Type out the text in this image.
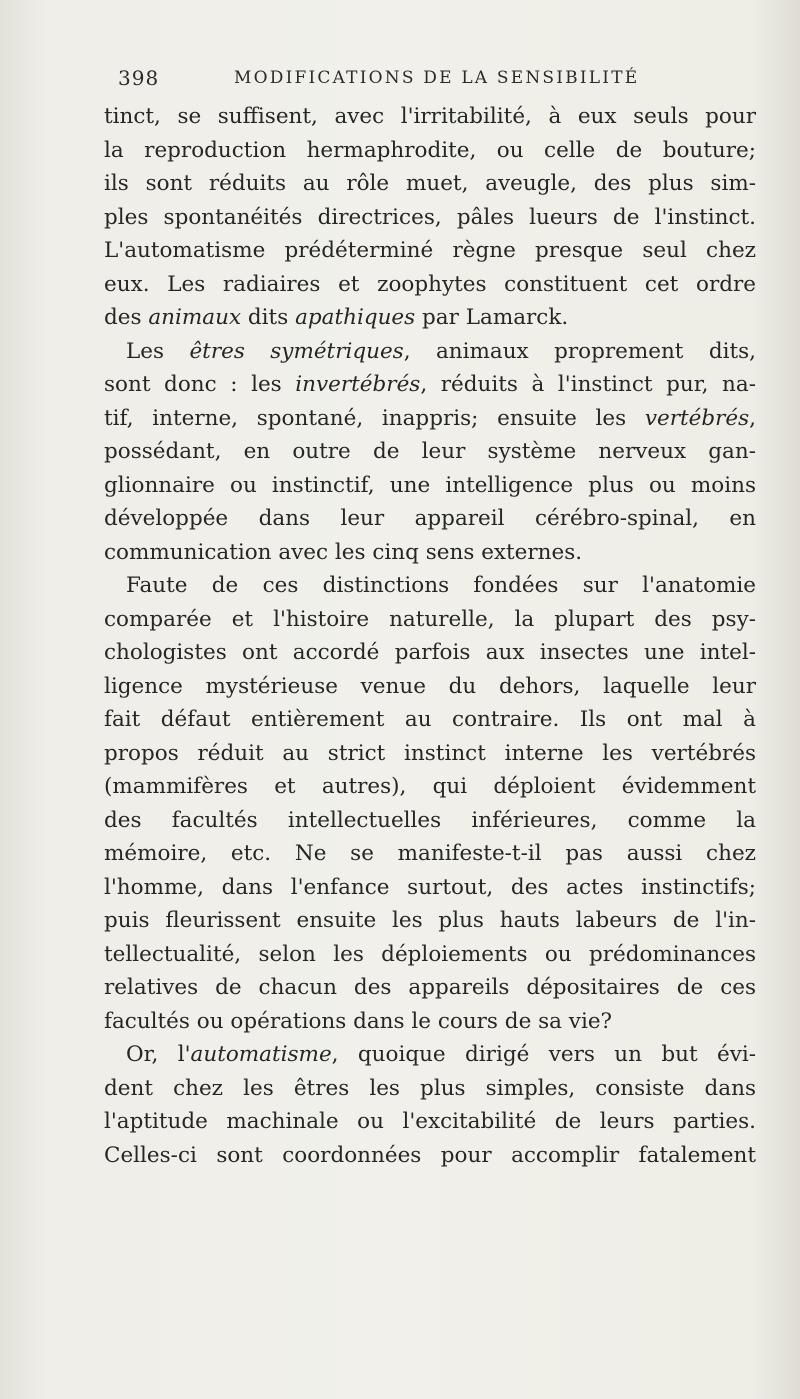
398	MODIFICATIONS DE LA SENSIBILITÉ
tinct, se suffisent, avec l'irritabilité, à eux seuls pour
la reproduction hermaphrodite, ou celle de bouture;
ils sont réduits au rôle muet, aveugle, des plus sim-
ples spontanéités directrices, pâles lueurs de l'instinct.
L'automatisme prédéterminé règne presque seul chez
eux. Les radiaires et zoophytes constituent cet ordre
des animaux dits apathiques par Lamarck.
Les êtres symétriques, animaux proprement dits,
sont donc : les invertébrés, réduits à l'instinct pur, na-
tif, interne, spontané, inappris; ensuite les vertébrés,
possédant, en outre de leur système nerveux gan-
glionnaire ou instinctif, une intelligence plus ou moins
développée dans leur appareil cérébro-spinal, en
communication avec les cinq sens externes.
Faute de ces distinctions fondées sur l'anatomie
comparée et l'histoire naturelle, la plupart des psy-
chologistes ont accordé parfois aux insectes une intel-
ligence mystérieuse venue du dehors, laquelle leur
fait défaut entièrement au contraire. Ils ont mal à
propos réduit au strict instinct interne les vertébrés
(mammifères et autres), qui déploient évidemment
des facultés intellectuelles inférieures, comme la
mémoire, etc. Ne se manifeste-t-il pas aussi chez
l'homme, dans l'enfance surtout, des actes instinctifs;
puis fleurissent ensuite les plus hauts labeurs de l'in-
tellectualité, selon les déploiements ou prédominances
relatives de chacun des appareils dépositaires de ces
facultés ou opérations dans le cours de sa vie?
Or, l'automatisme, quoique dirigé vers un but évi-
dent chez les êtres les plus simples, consiste dans
l'aptitude machinale ou l'excitabilité de leurs parties.
Celles-ci sont coordonnées pour accomplir fatalement
